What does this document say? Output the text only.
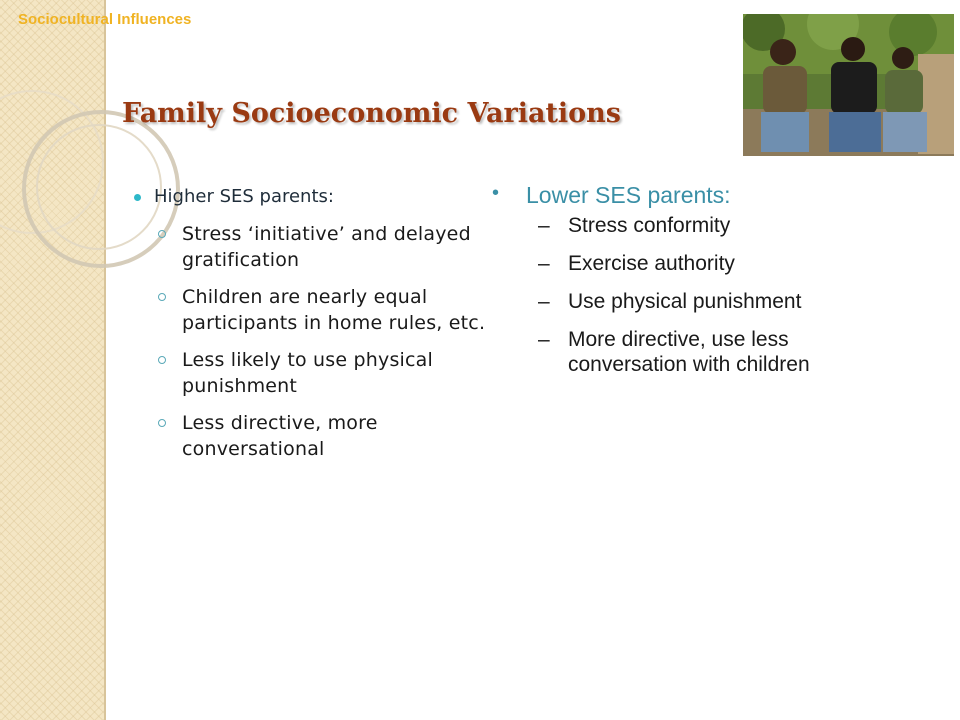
Sociocultural Influences
Family Socioeconomic Variations

Higher SES parents:

Stress ‘initiative’ and delayed gratification
Children are nearly equal participants in home rules, etc.
Less likely to use physical punishment
Less directive, more conversational

• Lower SES parents:

– Stress conformity
– Exercise authority
– Use physical punishment
– More directive, use less conversation with children
